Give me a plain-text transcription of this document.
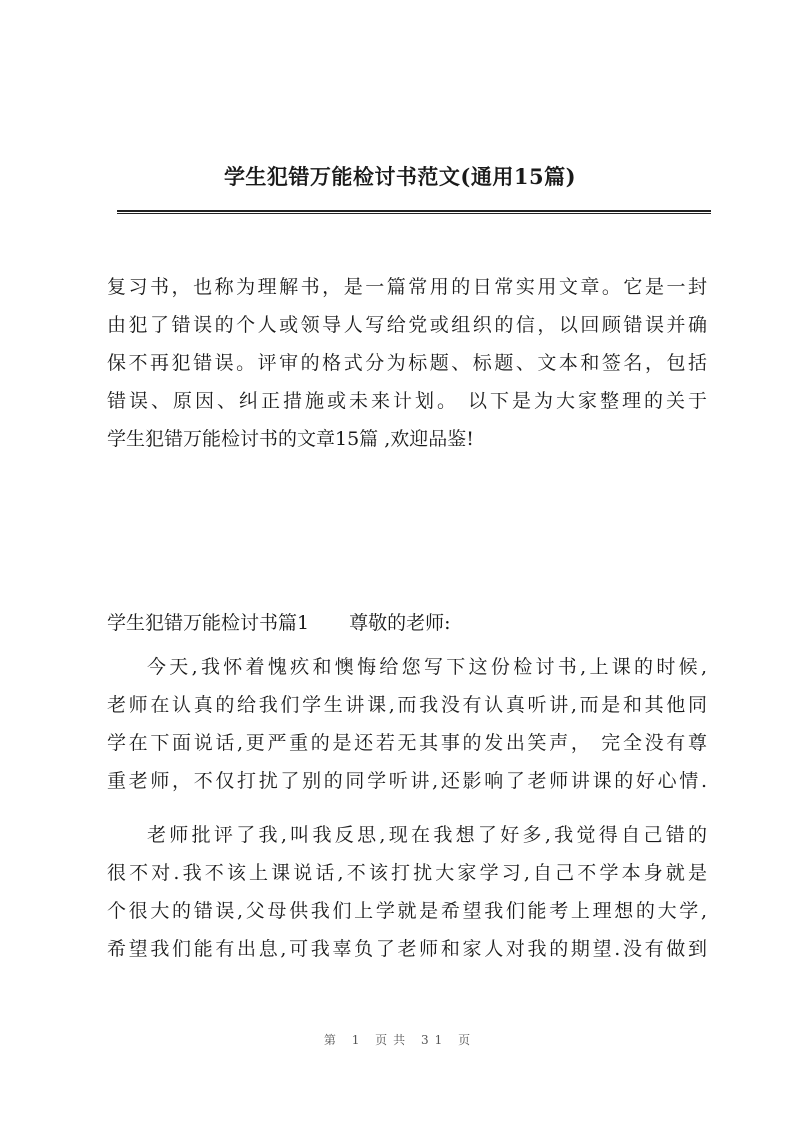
学生犯错万能检讨书范文(通用15篇)
复习书，也称为理解书，是一篇常用的日常实用文章。它是一封
由犯了错误的个人或领导人写给党或组织的信，以回顾错误并确
保不再犯错误。评审的格式分为标题、标题、文本和签名，包括
错误、原因、纠正措施或未来计划。 以下是为大家整理的关于
学生犯错万能检讨书的文章15篇 ,欢迎品鉴!
学生犯错万能检讨书篇1 尊敬的老师:
今天,我怀着愧疚和懊悔给您写下这份检讨书,上课的时候,
老师在认真的给我们学生讲课,而我没有认真听讲,而是和其他同
学在下面说话,更严重的是还若无其事的发出笑声， 完全没有尊
重老师，不仅打扰了别的同学听讲,还影响了老师讲课的好心情.
老师批评了我,叫我反思,现在我想了好多,我觉得自己错的
很不对.我不该上课说话,不该打扰大家学习,自己不学本身就是
个很大的错误,父母供我们上学就是希望我们能考上理想的大学,
希望我们能有出息,可我辜负了老师和家人对我的期望.没有做到
第 1 页共 31 页
